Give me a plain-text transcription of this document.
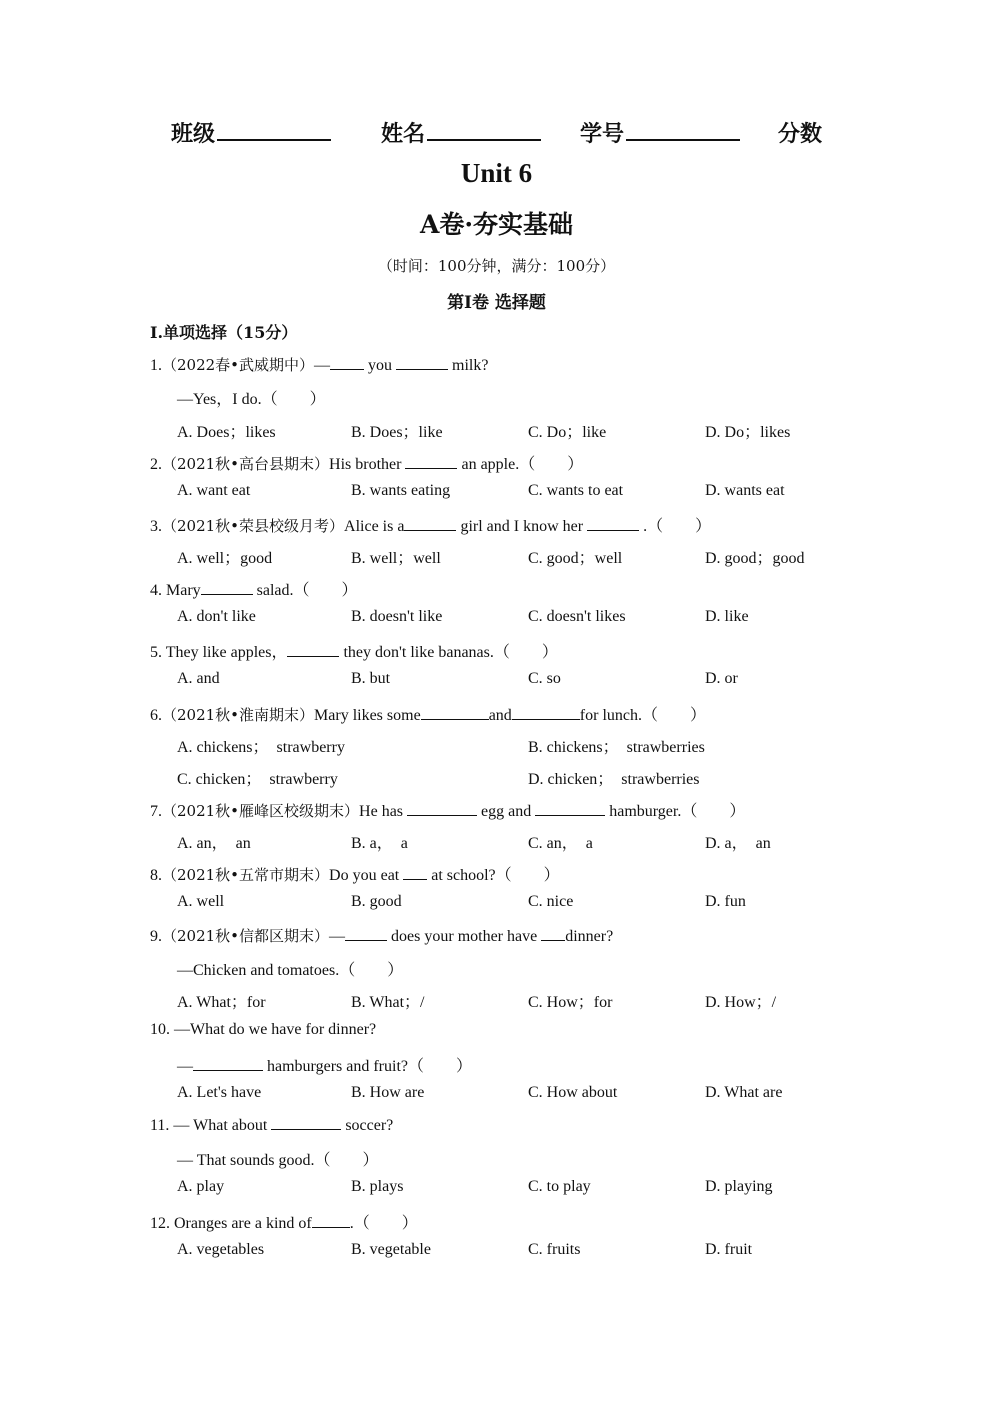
班级	姓名	学号	分数
Unit 6
A卷·夯实基础
（时间：100分钟，满分：100分）
第Ⅰ卷 选择题
I.单项选择（15分）
1.（2022春•武威期中）— you	milk?
—Yes，I do.（　　）
A. Does；likes	B. Does；like	C. Do；like	D. Do；likes
2.（2021秋•高台县期末）His brother	an apple.（　　）
A. want eat	B. wants eating	C. wants to eat	D. wants eat
3.（2021秋•荣县校级月考）Alice is a	girl and I know her	.（　　）
A. well；good	B. well；well	C. good；well	D. good；good
4. Mary	salad.（　　）
A. don't like	B. doesn't like	C. doesn't likes	D. like
5. They like apples，	they don't like bananas.（　　）
A. and	B. but	C. so	D. or
6.（2021秋•淮南期末）Mary likes some	and	for lunch.（　　）
A. chickens；  strawberry	B. chickens；  strawberries
C. chicken；  strawberry	D. chicken；  strawberries
7.（2021秋•雁峰区校级期末）He has	egg and	hamburger.（　　）
A. an，  an	B. a，  a	C. an，  a	D. a，  an
8.（2021秋•五常市期末）Do you eat at school?（　　）
A. well	B. good	C. nice	D. fun
9.（2021秋•信都区期末）—	does your mother have dinner?
—Chicken and tomatoes.（　　）
A. What；for	B. What；/	C. How；for	D. How；/
10. —What do we have for dinner?
—	hamburgers and fruit?（　　）
A. Let's have	B. How are	C. How about	D. What are
11. — What about	soccer?
— That sounds good.（　　）
A. play	B. plays	C. to play	D. playing
12. Oranges are a kind of .（　　）
A. vegetables	B. vegetable	C. fruits	D. fruit
